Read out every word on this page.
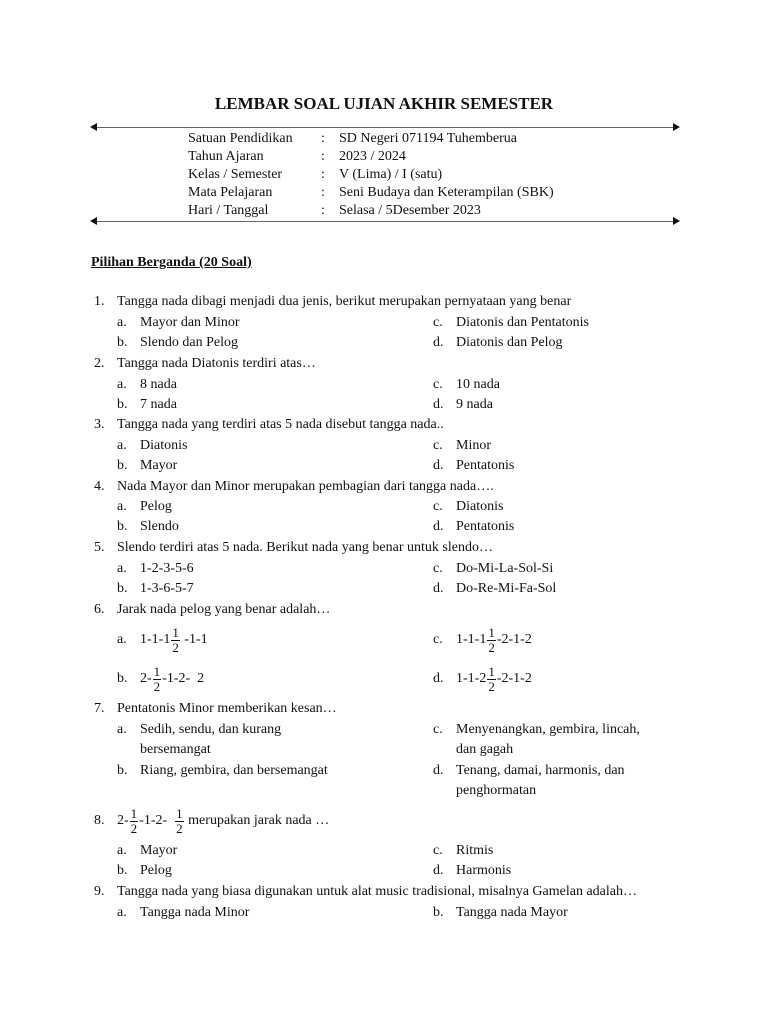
LEMBAR SOAL UJIAN AKHIR SEMESTER
Satuan Pendidikan : SD Negeri 071194 Tuhemberua
Tahun Ajaran	: 2023 / 2024
Kelas / Semester	: V (Lima) / I (satu)
Mata Pelajaran	: Seni Budaya dan Keterampilan (SBK)
Hari / Tanggal	: Selasa / 5Desember 2023
Pilihan Berganda (20 Soal)
1. Tangga nada dibagi menjadi dua jenis, berikut merupakan pernyataan yang benar
a. Mayor dan Minor
b. Slendo dan Pelog
c. Diatonis dan Pentatonis
d. Diatonis dan Pelog
2. Tangga nada Diatonis terdiri atas…
a. 8 nada
b. 7 nada
c. 10 nada
d. 9 nada
3. Tangga nada yang terdiri atas 5 nada disebut tangga nada..
a. Diatonis
b. Mayor
c. Minor
d. Pentatonis
4. Nada Mayor dan Minor merupakan pembagian dari tangga nada….
a. Pelog
b. Slendo
c. Diatonis
d. Pentatonis
5. Slendo terdiri atas 5 nada. Berikut nada yang benar untuk slendo…
a. 1-2-3-5-6
b. 1-3-6-5-7
c. Do-Mi-La-Sol-Si
d. Do-Re-Mi-Fa-Sol
6. Jarak nada pelog yang benar adalah…
a. $1-1-1 \frac{1}{2} -1-1$
b. $2- \frac{1}{2} -1-2-$  2
c. $1-1-1 \frac{1}{2} -2-1-2$
d. $1-1-2 \frac{1}{2} -2-1-2$
7. Pentatonis Minor memberikan kesan…
a. Sedih, sendu, dan kurang
bersemangat
b. Riang, gembira, dan bersemangat
c. Menyenangkan, gembira, lincah,
dan gagah
d. Tenang, damai, harmonis, dan
penghormatan
8. $2- \frac{1}{2} -1-2- \frac{1}{2}$ merupakan jarak nada …
a. Mayor
b. Pelog
c. Ritmis
d. Harmonis
9. Tangga nada yang biasa digunakan untuk alat music tradisional, misalnya Gamelan adalah…
a. Tangga nada Minor	b. Tangga nada Mayor
